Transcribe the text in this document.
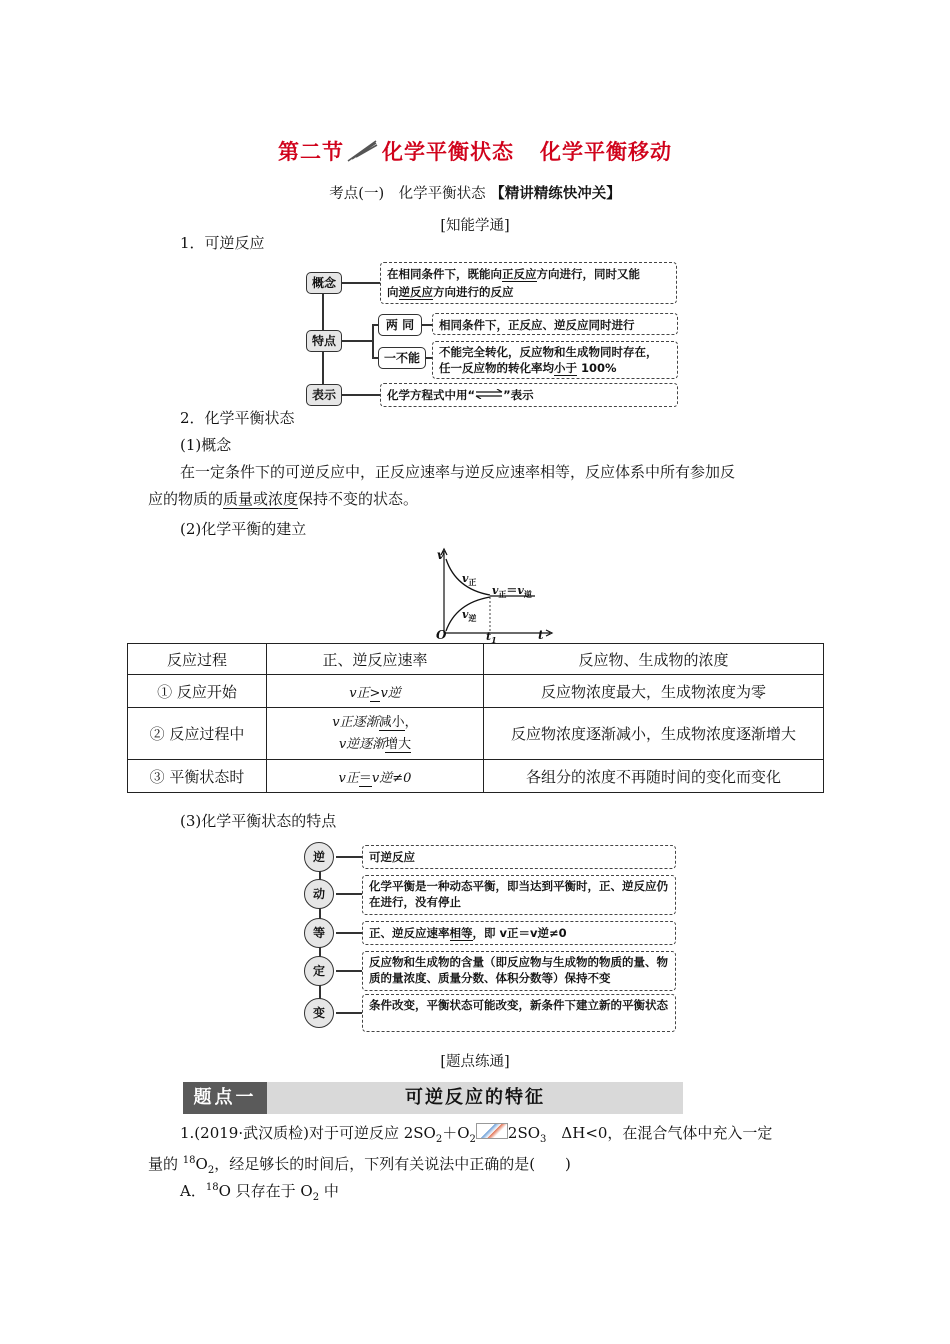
第二节 化学平衡状态 化学平衡移动
考点(一)　化学平衡状态 【精讲精练快冲关】
[知能学通]
1．可逆反应
概念
在相同条件下，既能向正反应方向进行，同时又能
向逆反应方向进行的反应
特点
两 同	相同条件下，正反应、逆反应同时进行
一不能	不能完全转化，反应物和生成物同时存在，
任一反应物的转化率均小于 100%
表示	化学方程式中用“⇌”表示
2．化学平衡状态
(1)概念
在一定条件下的可逆反应中，正反应速率与逆反应速率相等，反应体系中所有参加反
应的物质的质量或浓度保持不变的状态。
(2)化学平衡的建立
v
t
O	$t_1$
$v_正$
$v_逆$
$v_正=v_逆$
反应过程	正、逆反应速率	反应物、生成物的浓度
① 反应开始	v正>v逆	反应物浓度最大，生成物浓度为零
② 反应过程中	v正逐渐减小，
v逆逐渐增大	反应物浓度逐渐减小，生成物浓度逐渐增大
③ 平衡状态时	v正＝v逆≠0	各组分的浓度不再随时间的变化而变化
(3)化学平衡状态的特点
逆	可逆反应
动
化学平衡是一种动态平衡，即当达到平衡时，正、逆反应仍在进行，没有停止
等	正、逆反应速率相等，即 v正＝v逆≠0
定
反应物和生成物的含量（即反应物与生成物的物质的量、物质的量浓度、质量分数、体积分数等）保持不变
变
条件改变，平衡状态可能改变，新条件下建立新的平衡状态
[题点练通]
题点一	可逆反应的特征
1.(2019·武汉质检)对于可逆反应 $2SO_2+O_2$ $2SO_3$　ΔH<0，在混合气体中充入一定
量的 $^{18}O_2$，经足够长的时间后，下列有关说法中正确的是(　　)
A．$^{18}$O 只存在于 $O_2$ 中
